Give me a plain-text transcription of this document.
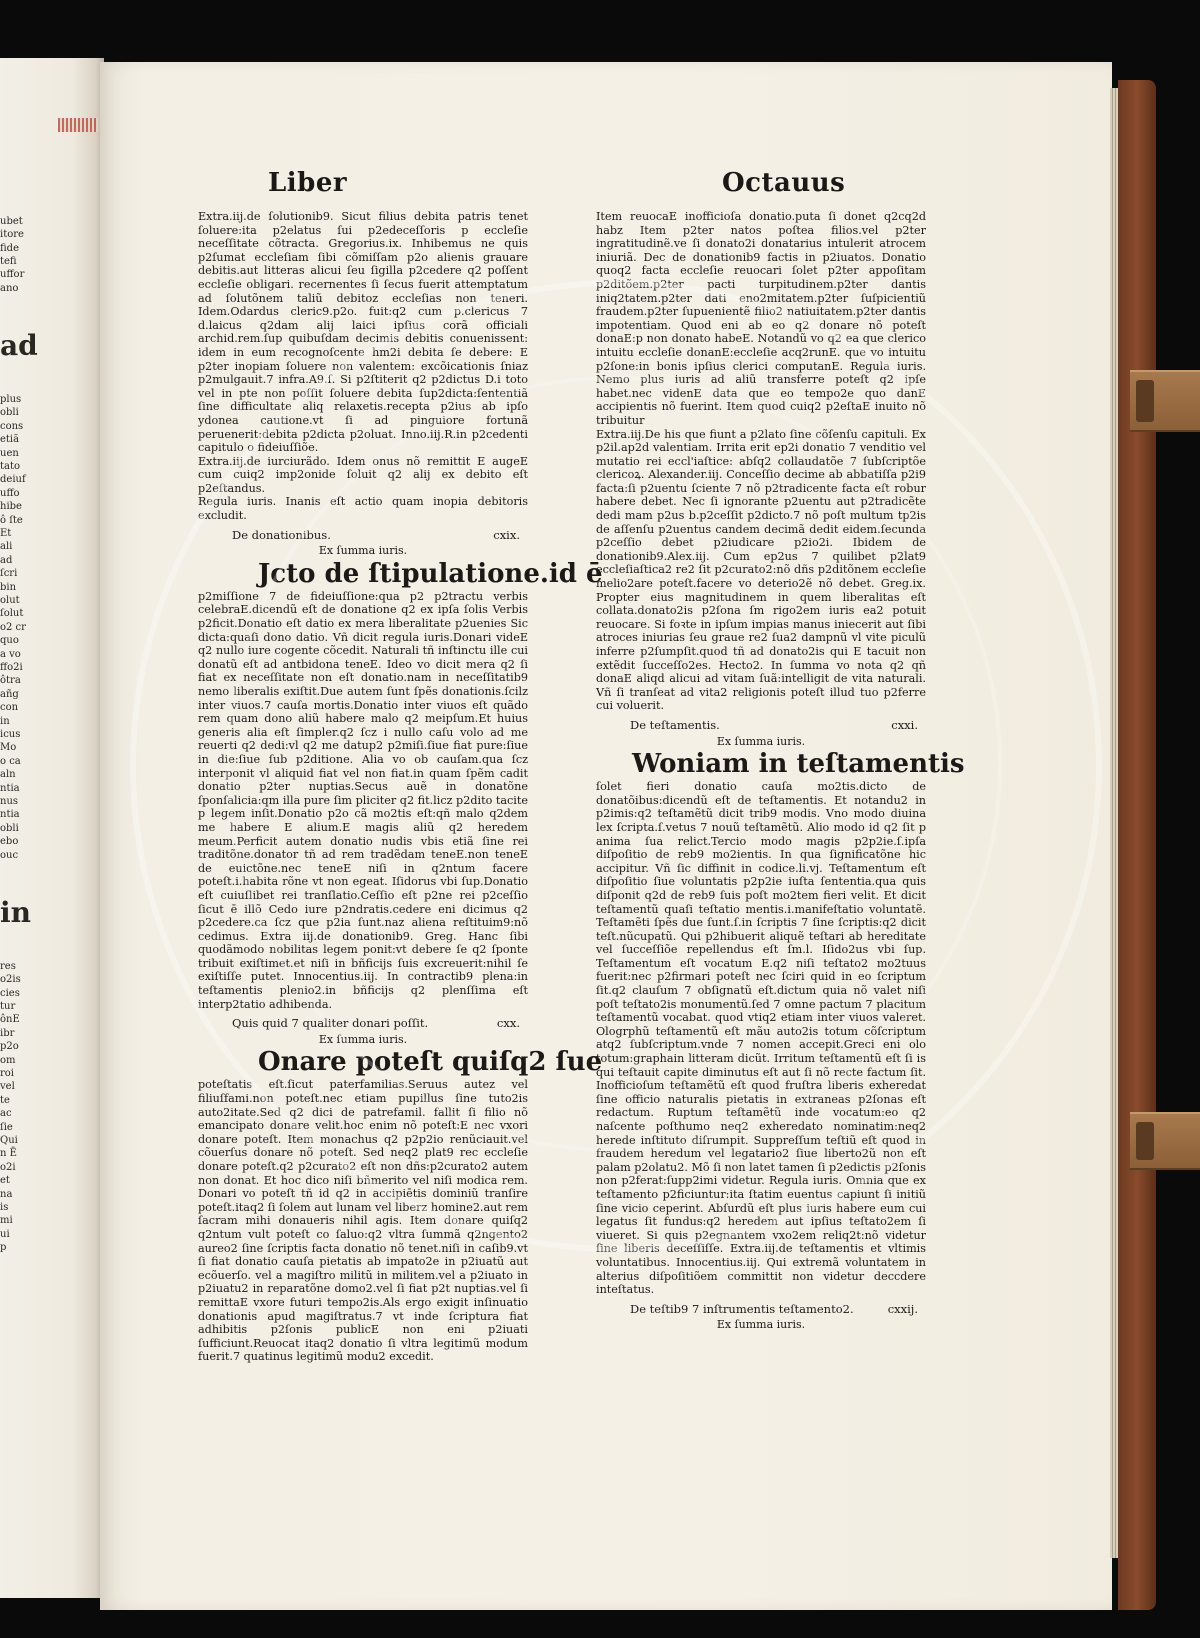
ubet
itore
fide
tefi
uffor
ano

ad

plus
obli
cons
etiã
uen
tato
deiuf
uffo
hibe
ô ſte
Et
ali
ad
ſcri
bin
olut
ſolut
o2 cr
quo
a vo
ffo2i
ôtra
añg
con
in
icus
Mo
o ca
aln
ntia
nus
ntia
obli
ebo
ouc

in

res
o2is
cies
tur
ônE
ibr
p2o
om
roi
vel
te
ac
ſie
Qui
n Ē
o2i
et
na
is
mi
ui
p

Liber	Octauus

Extra.iij.de ſolutionib9. Sicut filius debita patris tenet ſoluere:ita p2elatus ſui p2edeceſſoris p eccleſie neceſſitate cõtracta. Gregorius.ix. Inhibemus ne quis p2ſumat eccleſiam ſibi cõmiſſam p2o alienis grauare debitis.aut litteras alicui ſeu ſigilla p2cedere q2 poſſent eccleſie obligari. recernentes ſi ſecus fuerit attemptatum ad ſolutõnem taliũ debitoz eccleſias non teneri. Idem.Odardus cleric9.p2o. fuit:q2 cum p.clericus 7 d.laicus q2dam alij laici ipſius corã officiali archid.rem.ſup quibuſdam decimis debitis conuenissent: idem in eum recognoſcente hm2i debita ſe debere: E p2ter inopiam ſoluere non valentem: excõicationis ſniaz p2mulgauit.7 infra.A9.ſ. Si p2ſtiterit q2 p2dictus D.i toto vel in pte non poſſit ſoluere debita ſup2dicta:ſententiã ſine difficultate aliq relaxetis.recepta p2ius ab ipſo ydonea cautione.vt ſi ad pinguiore fortunã peruenerit:debita p2dicta p2oluat. Inno.iij.R.in p2cedenti capitulo o fideiuſſiõe.

Extra.iij.de iurciurãdo. Idem onus nõ remittit E augeE cum cuiq2 imp2onide ſoluit q2 alij ex debito eſt p2eſtandus.

Regula iuris. Inanis eſt actio quam inopia debitoris excludit.

De donationibus.	cxix.
Ex ſumma iuris.
Jcto de ſtipulatione.id ē

p2miſſione 7 de fideiuſſione:qua p2 p2tractu verbis celebraE.dicendũ eſt de donatione q2 ex ipſa ſolis Verbis p2ficit.Donatio eſt datio ex mera liberalitate p2uenies Sic dicta:quaſi dono datio. Vñ dicit regula iuris.Donari videE q2 nullo iure cogente cõcedit. Naturali tñ inſtinctu ille cui donatũ eſt ad antbidona teneE. Ideo vo dicit mera q2 ſi fiat ex neceſſitate non eſt donatio.nam in neceſſitatib9 nemo liberalis exiſtit.Due autem ſunt ſpẽs donationis.ſcilz inter viuos.7 cauſa mortis.Donatio inter viuos eſt quãdo rem quam dono aliũ habere malo q2 meipſum.Et huius generis alia eſt ſimpler.q2 ſcz i nullo caſu volo ad me reuerti q2 dedi:vl q2 me datup2 p2miſi.ſiue fiat pure:ſiue in die:ſiue ſub p2ditione. Alia vo ob cauſam.qua ſcz interponit vl aliquid fiat vel non fiat.in quam ſpẽm cadit donatio p2ter nuptias.Secus auẽ in donatõne ſponſalicia:qm illa pure ſim pliciter q2 fit.licz p2dito tacite p legem inſit.Donatio p2o cã mo2tis eſt:qñ malo q2dem me habere E alium.E magis aliũ q2 heredem meum.Perficit autem donatio nudis vbis etiã ſine rei traditõne.donator tñ ad rem tradẽdam teneE.non teneE de euictõne.nec teneE niſi in q2ntum facere poteſt.i.habita rõne vt non egeat. Iſidorus vbi ſup.Donatio eſt cuiuſlibet rei tranſlatio.Ceſſio eſt p2ne rei p2ceſſio ſicut ē illõ Cedo iure p2ndratis.cedere eni dicimus q2 p2cedere.ca ſcz que p2ia ſunt.naz aliena reſtituim9:nõ cedimus. Extra iij.de donationib9. Greg. Hanc ſibi quodãmodo nobilitas legem ponit:vt debere ſe q2 ſponte tribuit exiſtimet.et niſi in bñficijs ſuis excreuerit:nihil ſe exiſtiſſe putet. Innocentius.iij. In contractib9 plena:in teſtamentis plenio2.in bñficijs q2 plenſſima eſt interp2tatio adhibenda.

Quis quid 7 qualiter donari poſſit.	cxx.
Ex ſumma iuris.
Onare poteſt quiſq2 ſue

poteſtatis eſt.ſicut paterfamilias.Seruus autez vel filiuſfami.non poteſt.nec etiam pupillus ſine tuto2is auto2itate.Sed q2 dici de patrefamil. fallit ſi filio nõ emancipato donare velit.hoc enim nõ poteſt:E nec vxori donare poteſt. Item monachus q2 p2p2io renũciauit.vel cõuerſus donare nõ poteſt. Sed neq2 plat9 rec eccleſie donare poteſt.q2 p2curato2 eſt non dñs:p2curato2 autem non donat. Et hoc dico niſi bñmerito vel niſi modica rem. Donari vo poteſt tñ id q2 in accipiētis dominiũ tranſire poteſt.itaq2 ſi ſolem aut lunam vel liberz homine2.aut rem ſacram mihi donaueris nihil agis. Item donare quiſq2 q2ntum vult poteſt co ſaluo:q2 vltra ſummã q2ngento2 aureo2 ſine ſcriptis facta donatio nõ tenet.niſi in caſib9.vt ſi fiat donatio cauſa pietatis ab impato2e in p2iuatũ aut ecõuerſo. vel a magiſtro militũ in militem.vel a p2iuato in p2iuatu2 in reparatõne domo2.vel ſi fiat p2t nuptias.vel ſi remittaE vxore futuri tempo2is.Als ergo exigit inſinuatio donationis apud magiſtratus.7 vt inde ſcriptura fiat adhibitis p2ſonis publicE non eni p2iuati ſufficiunt.Reuocat itaq2 donatio ſi vltra legitimũ modum fuerit.7 quatinus legitimũ modu2 excedit.

Item reuocaE inofficioſa donatio.puta ſi donet q2cq2d habz Item p2ter natos poſtea filios.vel p2ter ingratitudinẽ.ve ſi donato2i donatarius intulerit atrocem iniuriã. Dec de donationib9 factis in p2iuatos. Donatio quoq2 facta eccleſie reuocari ſolet p2ter appoſitam p2ditõem.p2ter pacti turpitudinem.p2ter dantis iniq2tatem.p2ter dati eno2mitatem.p2ter ſuſpicientiũ fraudem.p2ter ſupuenientẽ filio2 natiuitatem.p2ter dantis impotentiam. Quod eni ab eo q2 donare nõ poteſt donaE:p non donato habeE. Notandũ vo q2 ea que clerico intuitu eccleſie donanE:eccleſie acq2runE. que vo intuitu p2ſone:in bonis ipſius clerici computanE. Regula iuris. Nemo plus iuris ad aliũ transferre poteſt q2 ipſe habet.nec videnE data que eo tempo2e quo danE accipientis nõ fuerint. Item quod cuiq2 p2eſtaE inuito nõ tribuitur

Extra.iij.De his que fiunt a p2lato ſine cõſenſu capituli. Ex p2il.ap2d valentiam. Irrita erit ep2i donatio 7 venditio vel mutatio rei eccl'iaſtice: abſq2 collaudatõe 7 ſubſcriptõe clericoꝝ. Alexander.iij. Conceſſio decime ab abbatiſſa p2i9 facta:ſi p2uentu ſciente 7 nõ p2tradicente facta eſt robur habere debet. Nec ſi ignorante p2uentu aut p2tradicẽte dedi mam p2us b.p2ceſſit p2dicto.7 nõ poſt multum tp2is de aſſenſu p2uentus candem decimã dedit eidem.ſecunda p2ceſſio debet p2iudicare p2io2i. Ibidem de donationib9.Alex.iij. Cum ep2us 7 quilibet p2lat9 eccleſiaſtica2 re2 ſit p2curato2:nõ dñs p2ditõnem eccleſie melio2are poteſt.facere vo deterio2ẽ nõ debet. Greg.ix. Propter eius magnitudinem in quem liberalitas eſt collata.donato2is p2ſona ſm rigo2em iuris ea2 potuit reuocare. Si foꝛte in ipſum impias manus iniecerit aut ſibi atroces iniurias ſeu graue re2 ſua2 dampnũ vl vite piculũ inferre p2ſumpſit.quod tñ ad donato2is qui E tacuit non extẽdit ſucceſſo2es. Hecto2. In ſumma vo nota q2 qñ donaE aliqd alicui ad vitam ſuã:intelligit de vita naturali. Vñ ſi tranſeat ad vita2 religionis poteſt illud tuo p2ferre cui voluerit.

De teſtamentis.	cxxi.
Ex ſumma iuris.
Woniam in teſtamentis

ſolet fieri donatio cauſa mo2tis.dicto de donatõibus:dicendũ eſt de teſtamentis. Et notandu2 in p2imis:q2 teſtamẽtũ dicit trib9 modis. Vno modo diuina lex ſcripta.ſ.vetus 7 nouũ teſtamẽtũ. Alio modo id q2 ſit p anima ſua relict.Tercio modo magis p2p2ie.ſ.ipſa diſpoſitio de reb9 mo2ientis. In qua ſignificatõne hic accipitur. Vñ ſic diffinit in codice.li.vj. Teſtamentum eſt diſpoſitio ſiue voluntatis p2p2ie iuſta ſententia.qua quis diſponit q2d de reb9 ſuis poſt mo2tem fieri velit. Et dicit teſtamentũ quaſi teſtatio mentis.i.manifeſtatio voluntatẽ. Teſtamẽti ſpẽs due ſunt.ſ.in ſcriptis 7 ſine ſcriptis:q2 dicit teſt.nũcupatũ. Qui p2hibuerit aliquẽ teſtari ab hereditate vel ſucceſſiõe repellendus eſt ſm.l. Iſido2us vbi ſup. Teſtamentum eſt vocatum E.q2 niſi teſtato2 mo2tuus fuerit:nec p2firmari poteſt nec ſciri quid in eo ſcriptum ſit.q2 clauſum 7 obſignatũ eſt.dictum quia nõ valet niſi poſt teſtato2is monumentũ.ſed 7 omne pactum 7 placitum teſtamentũ vocabat. quod vtiq2 etiam inter viuos valeret. Ologrphũ teſtamentũ eſt mãu auto2is totum cõſcriptum atq2 ſubſcriptum.vnde 7 nomen accepit.Greci eni olo totum:graphain litteram dicũt. Irritum teſtamentũ eſt ſi is qui teſtauit capite diminutus eſt aut ſi nõ recte factum ſit. Inofficioſum teſtamẽtũ eſt quod fruſtra liberis exheredat ſine officio naturalis pietatis in extraneas p2ſonas eſt redactum. Ruptum teſtamẽtũ inde vocatum:eo q2 naſcente poſthumo neq2 exheredato nominatim:neq2 herede inſtituto diſrumpit. Suppreſſum teſtiũ eſt quod in fraudem heredum vel legatario2 ſiue liberto2ũ non eſt palam p2olatu2. Mõ ſi non latet tamen ſi p2edictis p2ſonis non p2ferat:ſupp2imi videtur. Regula iuris. Omnia que ex teſtamento p2ficiuntur:ita ſtatim euentus capiunt ſi initiũ ſine vicio ceperint. Abſurdũ eſt plus iuris habere eum cui legatus ſit fundus:q2 heredem aut ipſius teſtato2em ſi viueret. Si quis p2egnantem vxo2em reliq2t:nõ videtur ſine liberis deceſſiſſe. Extra.iij.de teſtamentis et vltimis voluntatibus. Innocentius.iij. Qui extremã voluntatem in alterius diſpoſitiõem committit non videtur deccdere inteſtatus.

De teſtib9 7 inſtrumentis teſtamento2.	cxxij.
Ex ſumma iuris.
